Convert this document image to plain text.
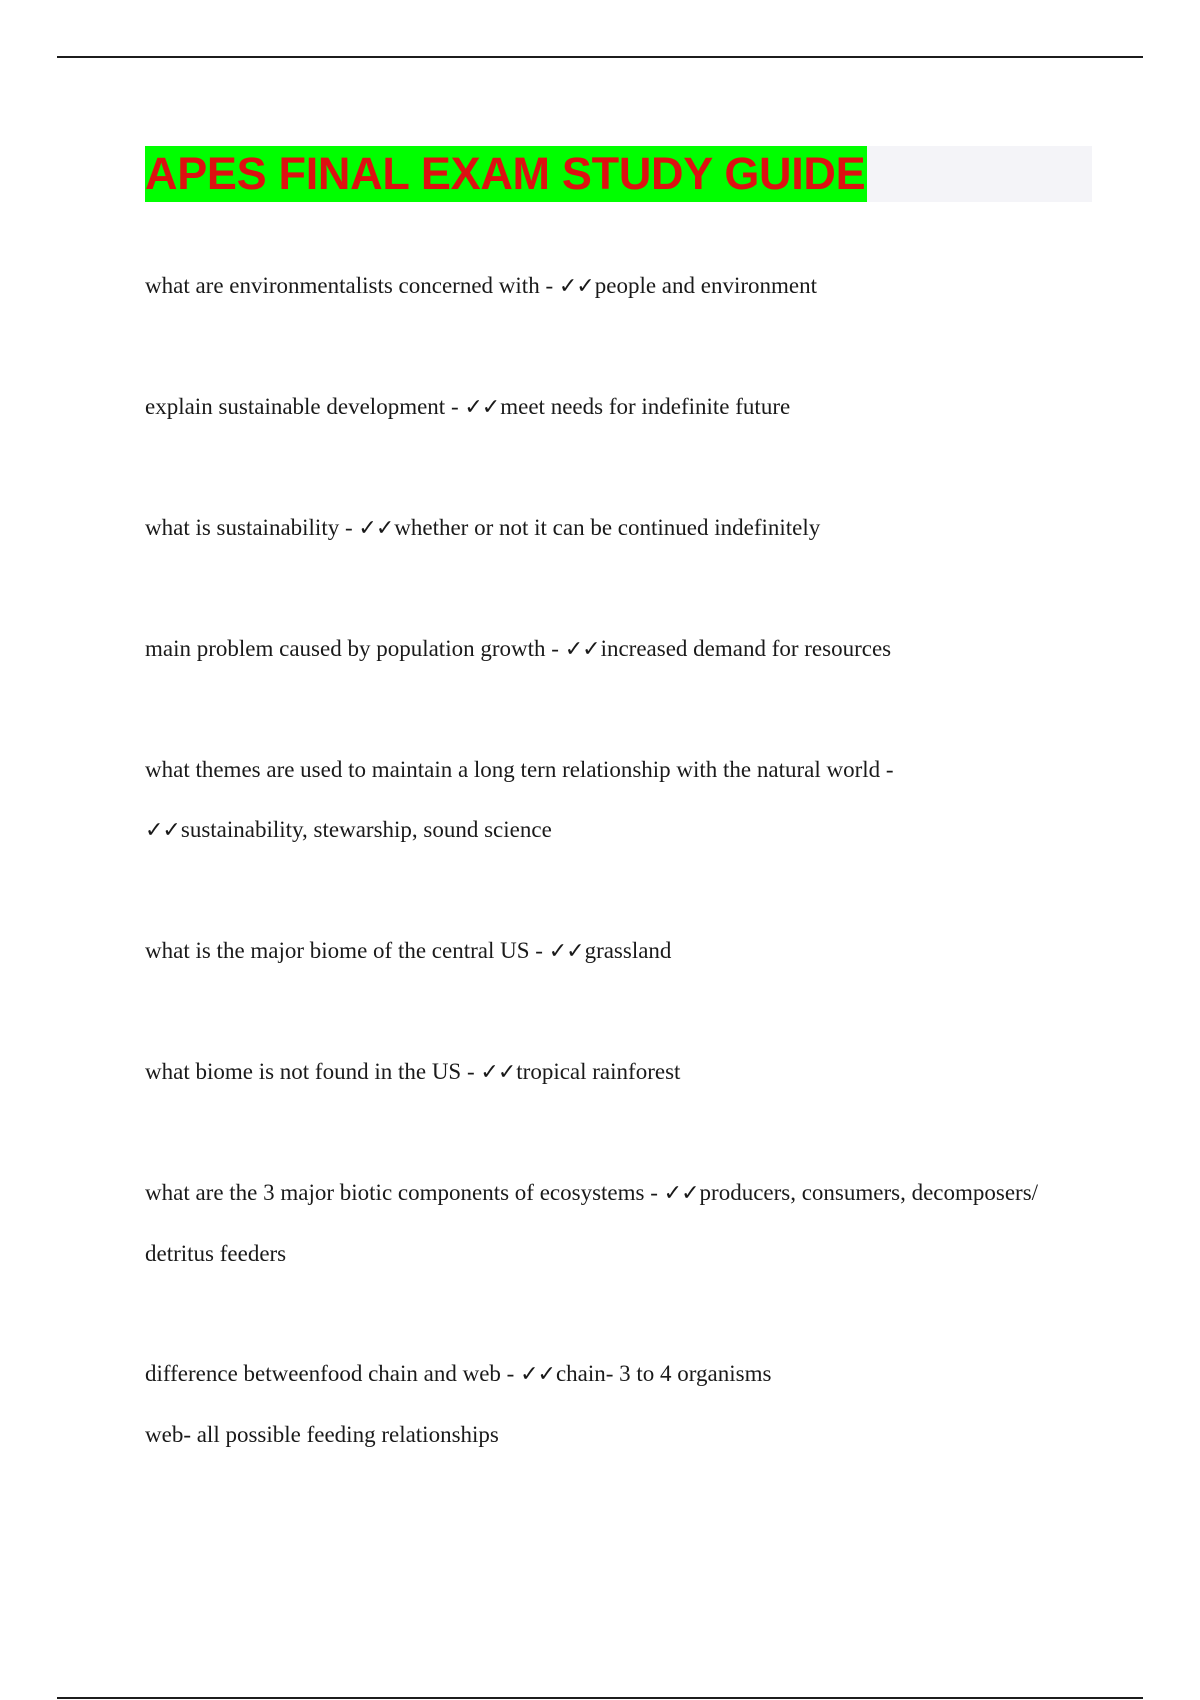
APES FINAL EXAM STUDY GUIDE
what are environmentalists concerned with - ✓✓people and environment
explain sustainable development - ✓✓meet needs for indefinite future
what is sustainability - ✓✓whether or not it can be continued indefinitely
main problem caused by population growth - ✓✓increased demand for resources
what themes are used to maintain a long tern relationship with the natural world -
✓✓sustainability, stewarship, sound science
what is the major biome of the central US - ✓✓grassland
what biome is not found in the US - ✓✓tropical rainforest
what are the 3 major biotic components of ecosystems - ✓✓producers, consumers, decomposers/ detritus feeders
difference betweenfood chain and web - ✓✓chain- 3 to 4 organisms
web- all possible feeding relationships
